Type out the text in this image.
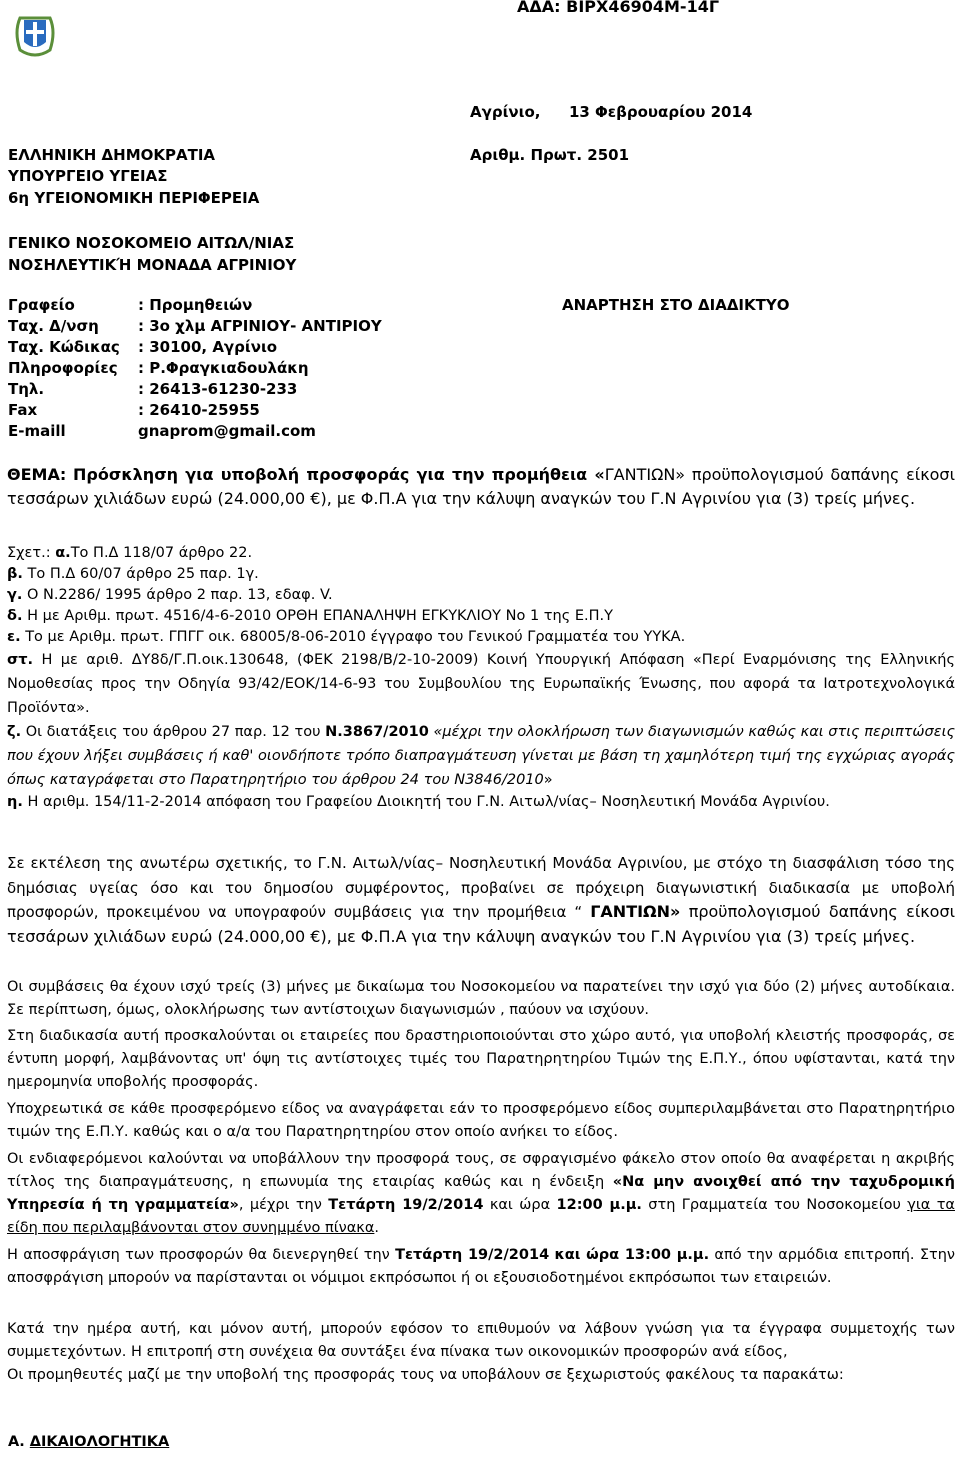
ΑΔΑ: ΒΙΡΧ46904Μ-14Γ
Αγρίνιο, 13 Φεβρουαρίου 2014
Αριθμ. Πρωτ. 2501
ΕΛΛΗΝΙΚΗ ΔΗΜΟΚΡΑΤΙΑ
ΥΠΟΥΡΓΕΙΟ ΥΓΕΙΑΣ
6η ΥΓΕΙΟΝΟΜΙΚΗ ΠΕΡΙΦΕΡΕΙΑ
ΓΕΝΙΚΟ ΝΟΣΟΚΟΜΕΙΟ ΑΙΤΩΛ/ΝΙΑΣ
ΝΟΣΗΛΕΥΤΙΚΉ ΜΟΝΑΔΑ ΑΓΡΙΝΙΟΥ
Γραφείο	: Προμηθειών
Ταχ. Δ/νση	: 3ο χλμ ΑΓΡΙΝΙΟΥ- ΑΝΤΙΡΙΟΥ
Ταχ. Κώδικας	: 30100, Αγρίνιο
Πληροφορίες	: Ρ.Φραγκιαδουλάκη
Τηλ.	: 26413-61230-233
Fax	: 26410-25955
E-maill	gnaprom@gmail.com
ΑΝΑΡΤΗΣΗ ΣΤΟ ΔΙΑΔΙΚΤΥΟ
ΘΕΜΑ: Πρόσκληση για υποβολή προσφοράς για την προμήθεια «ΓΑΝΤΙΩΝ» προϋπολογισμού δαπάνης είκοσι τεσσάρων χιλιάδων ευρώ (24.000,00 €), με Φ.Π.Α για την κάλυψη αναγκών του Γ.Ν Αγρινίου για (3) τρείς μήνες.
Σχετ.: α.Το Π.Δ 118/07 άρθρο 22.
β. Το Π.Δ 60/07 άρθρο 25 παρ. 1γ.
γ. Ο Ν.2286/ 1995 άρθρο 2 παρ. 13, εδαφ. V.
δ. Η με Αριθμ. πρωτ. 4516/4-6-2010 ΟΡΘΗ ΕΠΑΝΑΛΗΨΗ ΕΓΚΥΚΛΙΟΥ Νο 1 της Ε.Π.Υ
ε. Το με Αριθμ. πρωτ. ΓΠΓΓ οικ. 68005/8-06-2010 έγγραφο του Γενικού Γραμματέα του ΥΥΚΑ.
στ. Η με αριθ. ΔΥ8δ/Γ.Π.οικ.130648, (ΦΕΚ 2198/Β/2-10-2009) Κοινή Υπουργική Απόφαση «Περί Εναρμόνισης της Ελληνικής Νομοθεσίας προς την Οδηγία 93/42/ΕΟΚ/14-6-93 του Συμβουλίου της Ευρωπαϊκής Ένωσης, που αφορά τα Ιατροτεχνολογικά Προϊόντα».
ζ. Οι διατάξεις του άρθρου 27 παρ. 12 του Ν.3867/2010 «μέχρι την ολοκλήρωση των διαγωνισμών καθώς και στις περιπτώσεις που έχουν λήξει συμβάσεις ή καθ' οιονδήποτε τρόπο διαπραγμάτευση γίνεται με βάση τη χαμηλότερη τιμή της εγχώριας αγοράς όπως καταγράφεται στο Παρατηρητήριο του άρθρου 24 του Ν3846/2010»
η. Η αριθμ. 154/11-2-2014 απόφαση του Γραφείου Διοικητή του Γ.Ν. Αιτωλ/νίας– Νοσηλευτική Μονάδα Αγρινίου.
Σε εκτέλεση της ανωτέρω σχετικής, το Γ.Ν. Αιτωλ/νίας– Νοσηλευτική Μονάδα Αγρινίου, με στόχο τη διασφάλιση τόσο της δημόσιας υγείας όσο και του δημοσίου συμφέροντος, προβαίνει σε πρόχειρη διαγωνιστική διαδικασία με υποβολή προσφορών, προκειμένου να υπογραφούν συμβάσεις για την προμήθεια “ ΓΑΝΤΙΩΝ» προϋπολογισμού δαπάνης είκοσι τεσσάρων χιλιάδων ευρώ (24.000,00 €), με Φ.Π.Α για την κάλυψη αναγκών του Γ.Ν Αγρινίου για (3) τρείς μήνες.
Οι συμβάσεις θα έχουν ισχύ τρείς (3) μήνες με δικαίωμα του Νοσοκομείου να παρατείνει την ισχύ για δύο (2) μήνες αυτοδίκαια. Σε περίπτωση, όμως, ολοκλήρωσης των αντίστοιχων διαγωνισμών , παύουν να ισχύουν.
Στη διαδικασία αυτή προσκαλούνται οι εταιρείες που δραστηριοποιούνται στο χώρο αυτό, για υποβολή κλειστής προσφοράς, σε έντυπη μορφή, λαμβάνοντας υπ' όψη τις αντίστοιχες τιμές του Παρατηρητηρίου Τιμών της Ε.Π.Υ., όπου υφίστανται, κατά την ημερομηνία υποβολής προσφοράς.
Υποχρεωτικά σε κάθε προσφερόμενο είδος να αναγράφεται εάν το προσφερόμενο είδος συμπεριλαμβάνεται στο Παρατηρητήριο τιμών της Ε.Π.Υ. καθώς και ο α/α του Παρατηρητηρίου στον οποίο ανήκει το είδος.
Οι ενδιαφερόμενοι καλούνται να υποβάλλουν την προσφορά τους, σε σφραγισμένο φάκελο στον οποίο θα αναφέρεται η ακριβής τίτλος της διαπραγμάτευσης, η επωνυμία της εταιρίας καθώς και η ένδειξη «Να μην ανοιχθεί από την ταχυδρομική Υπηρεσία ή τη γραμματεία», μέχρι την Τετάρτη 19/2/2014 και ώρα 12:00 μ.μ. στη Γραμματεία του Νοσοκομείου για τα είδη που περιλαμβάνονται στον συνημμένο πίνακα.
Η αποσφράγιση των προσφορών θα διενεργηθεί την Τετάρτη 19/2/2014 και ώρα 13:00 μ.μ. από την αρμόδια επιτροπή. Στην αποσφράγιση μπορούν να παρίστανται οι νόμιμοι εκπρόσωποι ή οι εξουσιοδοτημένοι εκπρόσωποι των εταιρειών.
Κατά την ημέρα αυτή, και μόνον αυτή, μπορούν εφόσον το επιθυμούν να λάβουν γνώση για τα έγγραφα συμμετοχής των συμμετεχόντων. Η επιτροπή στη συνέχεια θα συντάξει ένα πίνακα των οικονομικών προσφορών ανά είδος,
Οι προμηθευτές μαζί με την υποβολή της προσφοράς τους να υποβάλουν σε ξεχωριστούς φακέλους τα παρακάτω:
Α. ΔΙΚΑΙΟΛΟΓΗΤΙΚΑ
